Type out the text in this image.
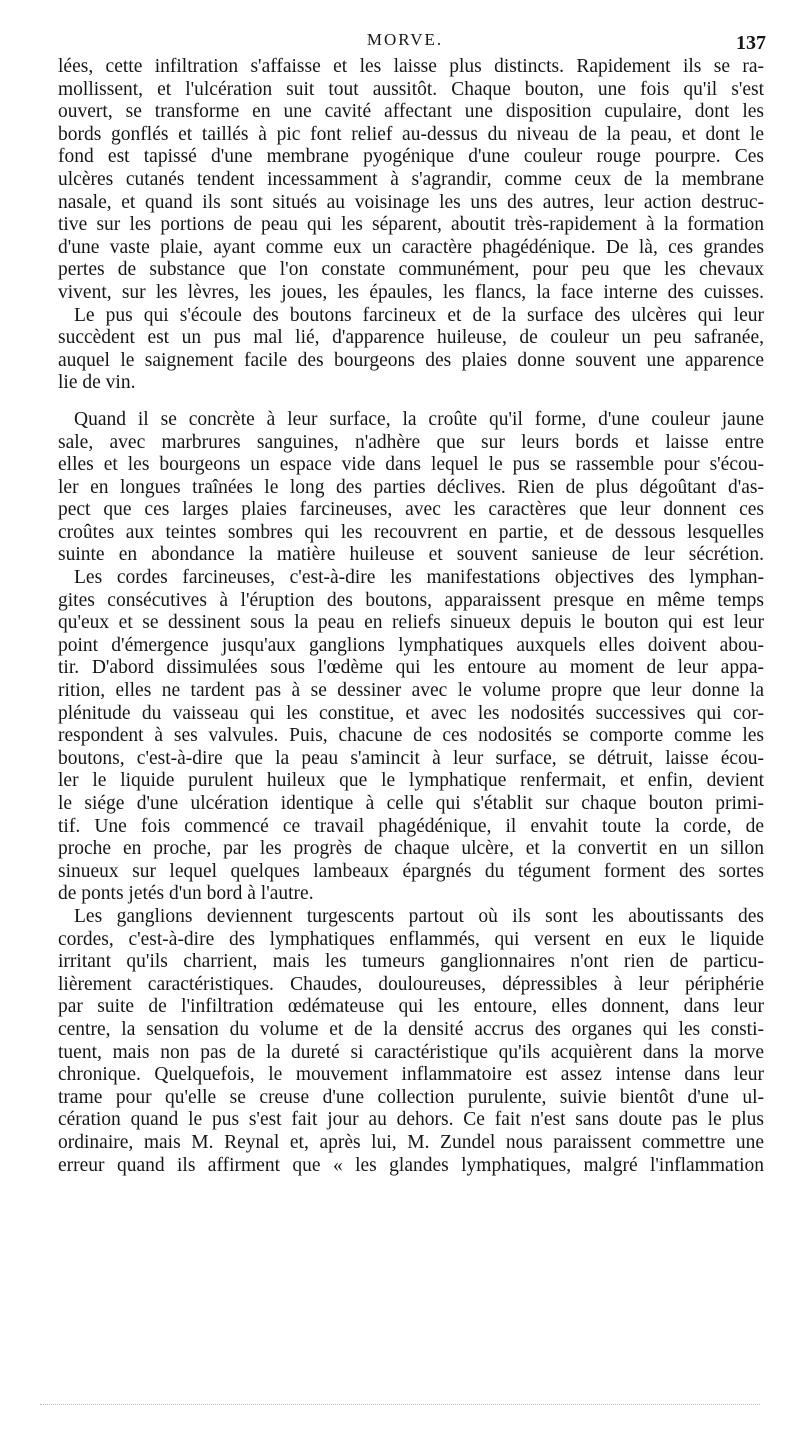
MORVE.	137
lées, cette infiltration s'affaisse et les laisse plus distincts. Rapidement ils se ra-
mollissent, et l'ulcération suit tout aussitôt. Chaque bouton, une fois qu'il s'est
ouvert, se transforme en une cavité affectant une disposition cupulaire, dont les
bords gonflés et taillés à pic font relief au-dessus du niveau de la peau, et dont le
fond est tapissé d'une membrane pyogénique d'une couleur rouge pourpre. Ces
ulcères cutanés tendent incessamment à s'agrandir, comme ceux de la membrane
nasale, et quand ils sont situés au voisinage les uns des autres, leur action destruc-
tive sur les portions de peau qui les séparent, aboutit très-rapidement à la formation
d'une vaste plaie, ayant comme eux un caractère phagédénique. De là, ces grandes
pertes de substance que l'on constate communément, pour peu que les chevaux
vivent, sur les lèvres, les joues, les épaules, les flancs, la face interne des cuisses.
Le pus qui s'écoule des boutons farcineux et de la surface des ulcères qui leur
succèdent est un pus mal lié, d'apparence huileuse, de couleur un peu safranée,
auquel le saignement facile des bourgeons des plaies donne souvent une apparence
lie de vin.
Quand il se concrète à leur surface, la croûte qu'il forme, d'une couleur jaune
sale, avec marbrures sanguines, n'adhère que sur leurs bords et laisse entre
elles et les bourgeons un espace vide dans lequel le pus se rassemble pour s'écou-
ler en longues traînées le long des parties déclives. Rien de plus dégoûtant d'as-
pect que ces larges plaies farcineuses, avec les caractères que leur donnent ces
croûtes aux teintes sombres qui les recouvrent en partie, et de dessous lesquelles
suinte en abondance la matière huileuse et souvent sanieuse de leur sécrétion.
Les cordes farcineuses, c'est-à-dire les manifestations objectives des lymphan-
gites consécutives à l'éruption des boutons, apparaissent presque en même temps
qu'eux et se dessinent sous la peau en reliefs sinueux depuis le bouton qui est leur
point d'émergence jusqu'aux ganglions lymphatiques auxquels elles doivent abou-
tir. D'abord dissimulées sous l'œdème qui les entoure au moment de leur appa-
rition, elles ne tardent pas à se dessiner avec le volume propre que leur donne la
plénitude du vaisseau qui les constitue, et avec les nodosités successives qui cor-
respondent à ses valvules. Puis, chacune de ces nodosités se comporte comme les
boutons, c'est-à-dire que la peau s'amincit à leur surface, se détruit, laisse écou-
ler le liquide purulent huileux que le lymphatique renfermait, et enfin, devient
le siége d'une ulcération identique à celle qui s'établit sur chaque bouton primi-
tif. Une fois commencé ce travail phagédénique, il envahit toute la corde, de
proche en proche, par les progrès de chaque ulcère, et la convertit en un sillon
sinueux sur lequel quelques lambeaux épargnés du tégument forment des sortes
de ponts jetés d'un bord à l'autre.
Les ganglions deviennent turgescents partout où ils sont les aboutissants des
cordes, c'est-à-dire des lymphatiques enflammés, qui versent en eux le liquide
irritant qu'ils charrient, mais les tumeurs ganglionnaires n'ont rien de particu-
lièrement caractéristiques. Chaudes, douloureuses, dépressibles à leur périphérie
par suite de l'infiltration œdémateuse qui les entoure, elles donnent, dans leur
centre, la sensation du volume et de la densité accrus des organes qui les consti-
tuent, mais non pas de la dureté si caractéristique qu'ils acquièrent dans la morve
chronique. Quelquefois, le mouvement inflammatoire est assez intense dans leur
trame pour qu'elle se creuse d'une collection purulente, suivie bientôt d'une ul-
cération quand le pus s'est fait jour au dehors. Ce fait n'est sans doute pas le plus
ordinaire, mais M. Reynal et, après lui, M. Zundel nous paraissent commettre une
erreur quand ils affirment que « les glandes lymphatiques, malgré l'inflammation
